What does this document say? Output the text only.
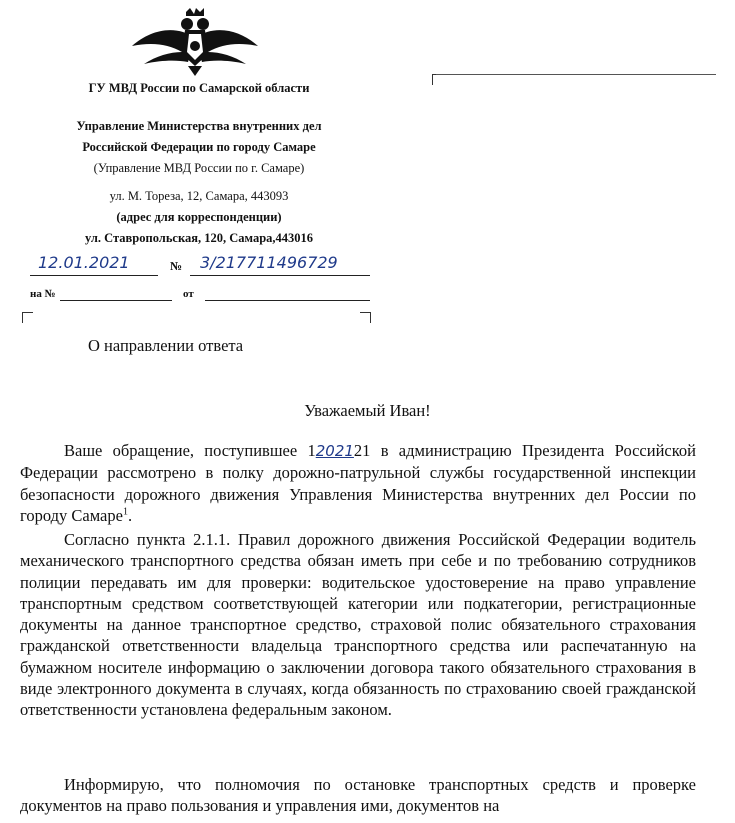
ГУ МВД России по Самарской области
Управление Министерства внутренних дел
Российской Федерации по городу Самаре
(Управление МВД России по г. Самаре)
ул. М. Тореза, 12, Самара, 443093
(адрес для корреспонденции)
ул. Ставропольская, 120, Самара,443016
12.01.2021	№ 3/217711496729
на №	от
О направлении ответа
Уважаемый Иван!
Ваше обращение, поступившее 1202121 в администрацию Президента Российской Федерации рассмотрено в полку дорожно-патрульной службы государственной инспекции безопасности дорожного движения Управления Министерства внутренних дел России по городу Самаре$^1$.
Согласно пункта 2.1.1. Правил дорожного движения Российской Федерации водитель механического транспортного средства обязан иметь при себе и по требованию сотрудников полиции передавать им для проверки: водительское удостоверение на право управление транспортным средством соответствующей категории или подкатегории, регистрационные документы на данное транспортное средство, страховой полис обязательного страхования гражданской ответственности владельца транспортного средства или распечатанную на бумажном носителе информацию о заключении договора такого обязательного страхования в виде электронного документа в случаях, когда обязанность по страхованию своей гражданской ответственности установлена федеральным законом.
Информирую, что полномочия по остановке транспортных средств и проверке документов на право пользования и управления ими, документов на
